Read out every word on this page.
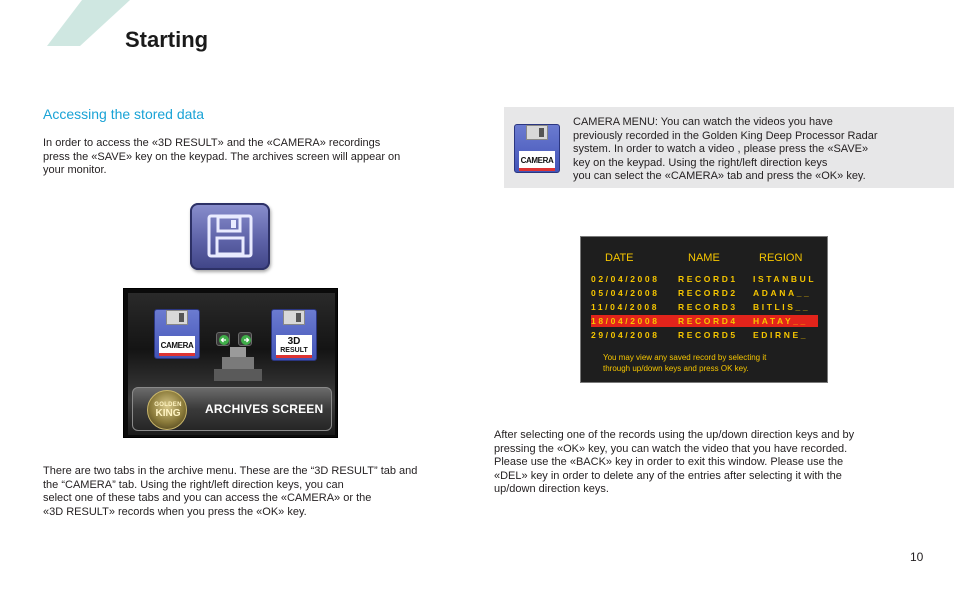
Starting
Accessing the stored data
In order to access the «3D RESULT» and the «CAMERA» recordings
press the «SAVE» key on the keypad. The archives screen will appear on
your monitor.
CAMERA	3D
RESULT
GOLDEN
KING	ARCHIVES SCREEN
There are two tabs in the archive menu. These are the “3D RESULT” tab and
the “CAMERA” tab. Using the right/left direction keys, you can
select one of these tabs and you can access the «CAMERA» or the
«3D RESULT» records when you press the «OK» key.
CAMERA
CAMERA MENU: You can watch the videos you have
previously recorded in the Golden King Deep Processor Radar
system. In order to watch a video , please press the «SAVE»
key on the keypad. Using the right/left direction keys
you can select the «CAMERA» tab and press the «OK» key.
DATE	NAME	REGION
02/04/2008 RECORD1 ISTANBUL
05/04/2008 RECORD2 ADANA__
11/04/2008 RECORD3 BITLIS__
18/04/2008 RECORD4 HATAY__
29/04/2008 RECORD5 EDIRNE_
You may view any saved record by selecting it
through up/down keys and press OK key.
After selecting one of the records using the up/down direction keys and by
pressing the «OK» key, you can watch the video that you have recorded.
Please use the «BACK» key in order to exit this window. Please use the
«DEL» key in order to delete any of the entries after selecting it with the
up/down direction keys.
10
